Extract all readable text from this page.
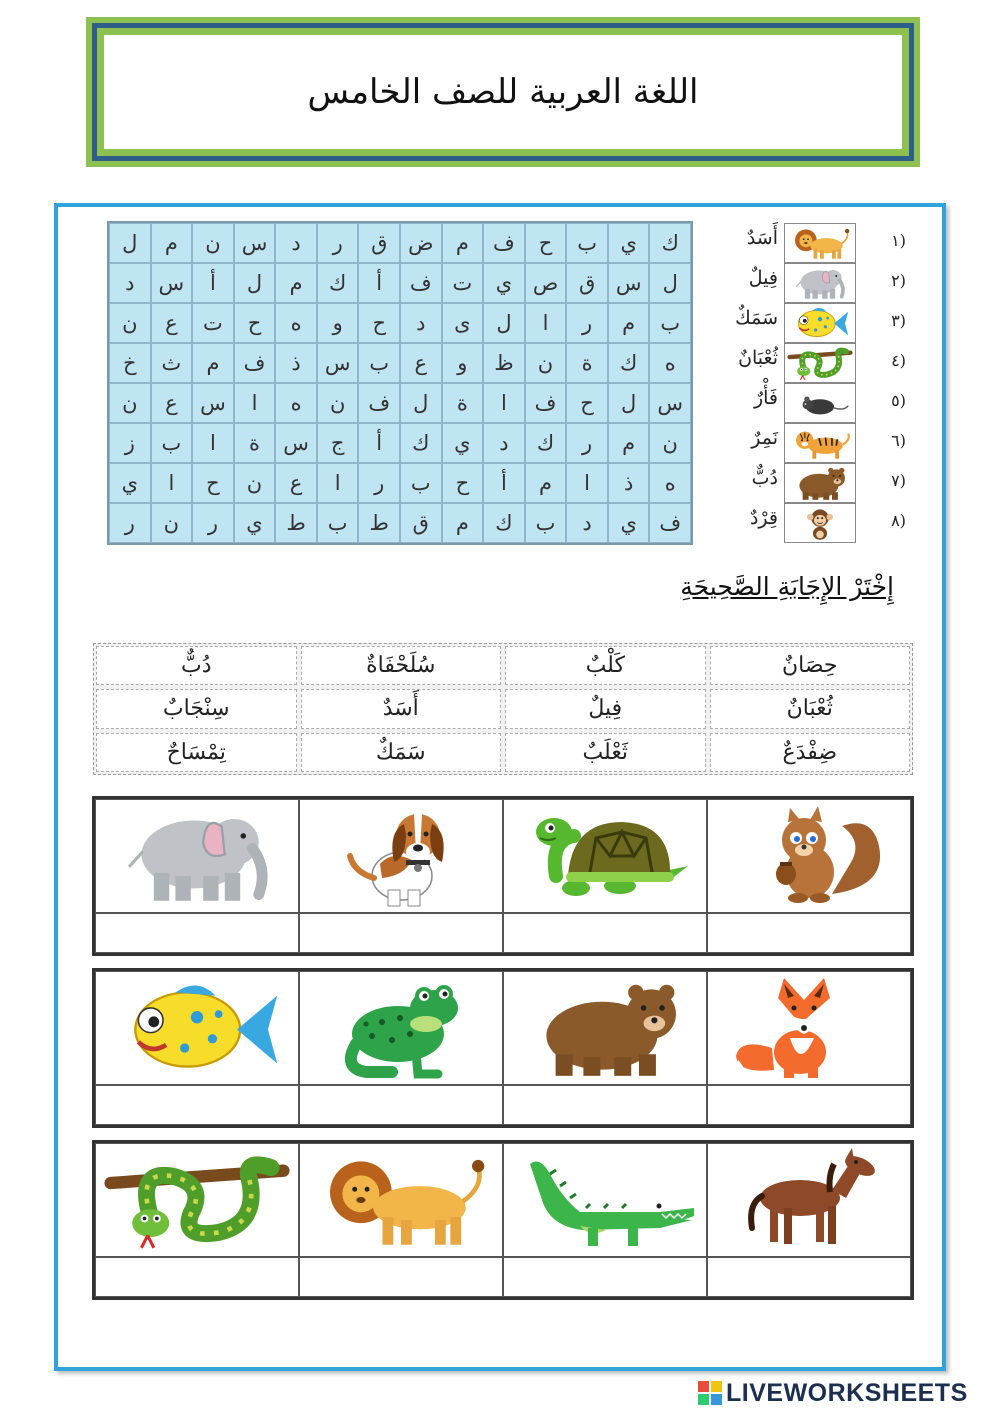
اللغة العربية للصف الخامس
ك
ي
ب
ح
ف
م
ض
ق
ر
د
س
ن
م
ل
ل
س
ق
ص
ي
ت
ف
أ
ك
م
ل
أ
س
د
ب
م
ر
ا
ل
ى
د
ح
و
ه
ح
ت
ع
ن
ه
ك
ة
ن
ظ
و
ع
ب
س
ذ
ف
م
ث
خ
س
ل
ح
ف
ا
ة
ل
ف
ن
ه
ا
س
ع
ن
ن
م
ر
ك
د
ي
ك
أ
ج
س
ة
ا
ب
ز
ه
ذ
ا
م
أ
ح
ب
ر
ا
ع
ن
ح
ا
ي
ف
ي
د
ب
ك
م
ق
ط
ب
ط
ي
ر
ن
ر
١)
أَسَدٌ
٢)
فِيلٌ
٣)
سَمَكٌ
٤)
ثُعْبَانٌ
٥)
فَأْرٌ
٦)
نَمِرٌ
٧)
دُبٌّ
٨)
قِرْدٌ
إِخْتَرْ الإِجَابَةِ الصَّحِيحَةِ
حِصَانٌ
كَلْبٌ
سُلَحْفَاةٌ
دُبٌّ
ثُعْبَانٌ
فِيلٌ
أَسَدٌ
سِنْجَابٌ
ضِفْدَعٌ
ثَعْلَبٌ
سَمَكٌ
تِمْسَاحٌ
LIVEWORKSHEETS
